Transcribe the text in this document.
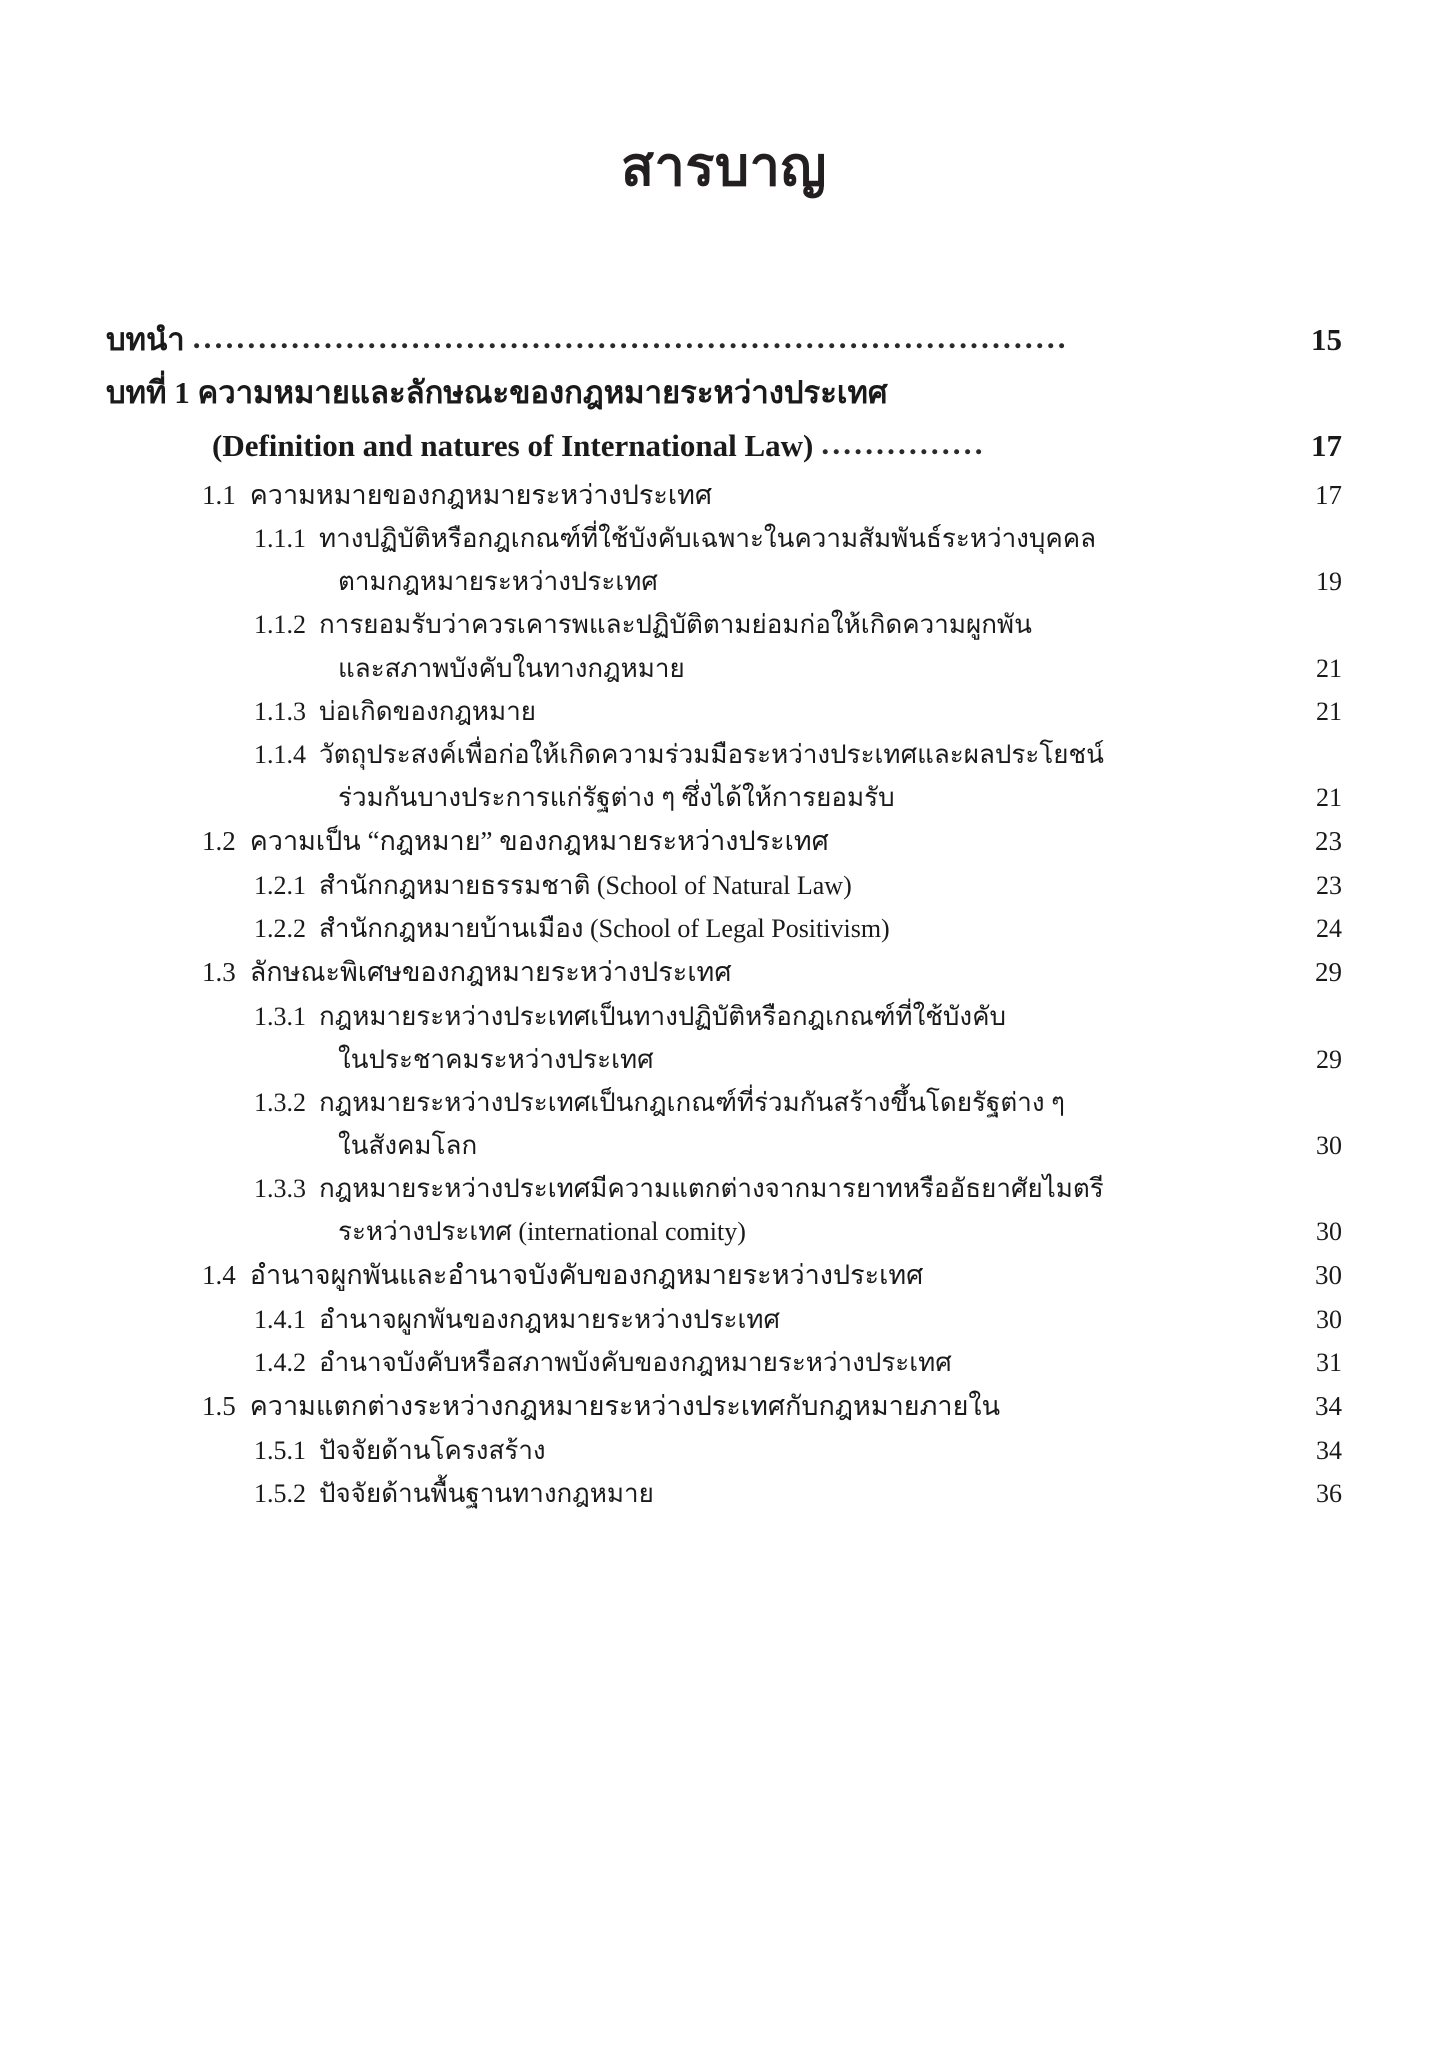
สารบาญ
บทนำ ................................................................................	15
บทที่ 1 ความหมายและลักษณะของกฎหมายระหว่างประเทศ
(Definition and natures of International Law) ...............	17
1.1 ความหมายของกฎหมายระหว่างประเทศ	17
1.1.1 ทางปฏิบัติหรือกฎเกณฑ์ที่ใช้บังคับเฉพาะในความสัมพันธ์ระหว่างบุคคล
ตามกฎหมายระหว่างประเทศ	19
1.1.2 การยอมรับว่าควรเคารพและปฏิบัติตามย่อมก่อให้เกิดความผูกพัน
และสภาพบังคับในทางกฎหมาย	21
1.1.3 บ่อเกิดของกฎหมาย	21
1.1.4 วัตถุประสงค์เพื่อก่อให้เกิดความร่วมมือระหว่างประเทศและผลประโยชน์
ร่วมกันบางประการแก่รัฐต่าง ๆ ซึ่งได้ให้การยอมรับ	21
1.2 ความเป็น “กฎหมาย” ของกฎหมายระหว่างประเทศ	23
1.2.1 สำนักกฎหมายธรรมชาติ (School of Natural Law)	23
1.2.2 สำนักกฎหมายบ้านเมือง (School of Legal Positivism)	24
1.3 ลักษณะพิเศษของกฎหมายระหว่างประเทศ	29
1.3.1 กฎหมายระหว่างประเทศเป็นทางปฏิบัติหรือกฎเกณฑ์ที่ใช้บังคับ
ในประชาคมระหว่างประเทศ	29
1.3.2 กฎหมายระหว่างประเทศเป็นกฎเกณฑ์ที่ร่วมกันสร้างขึ้นโดยรัฐต่าง ๆ
ในสังคมโลก	30
1.3.3 กฎหมายระหว่างประเทศมีความแตกต่างจากมารยาทหรืออัธยาศัยไมตรี
ระหว่างประเทศ (international comity)	30
1.4 อำนาจผูกพันและอำนาจบังคับของกฎหมายระหว่างประเทศ	30
1.4.1 อำนาจผูกพันของกฎหมายระหว่างประเทศ	30
1.4.2 อำนาจบังคับหรือสภาพบังคับของกฎหมายระหว่างประเทศ	31
1.5 ความแตกต่างระหว่างกฎหมายระหว่างประเทศกับกฎหมายภายใน	34
1.5.1 ปัจจัยด้านโครงสร้าง	34
1.5.2 ปัจจัยด้านพื้นฐานทางกฎหมาย	36
